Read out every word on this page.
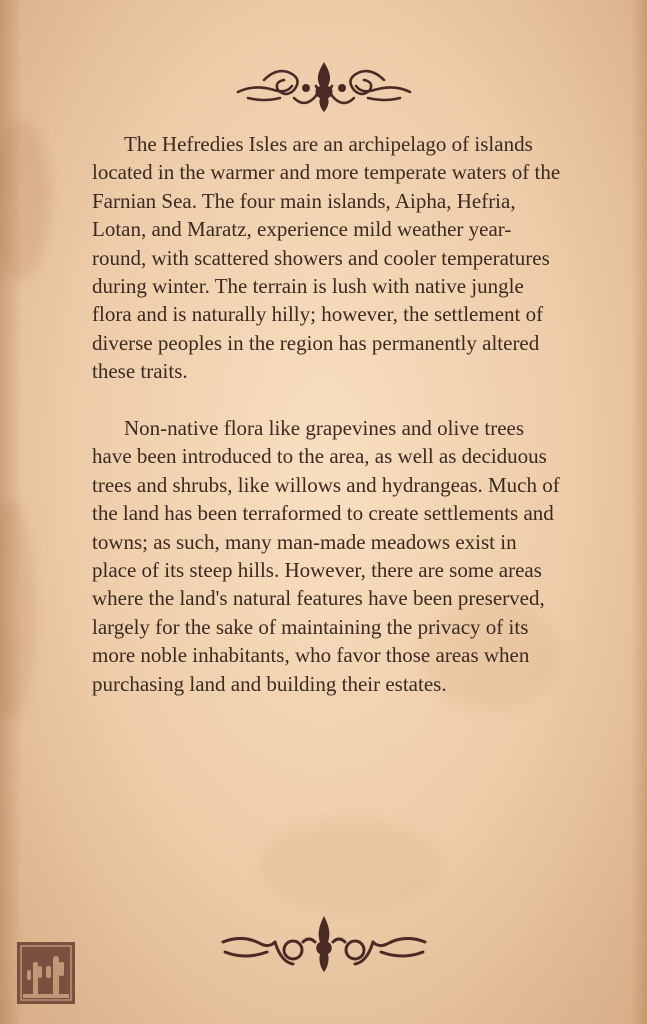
The Hefredies Isles are an archipelago of islands located in the warmer and more temperate waters of the Farnian Sea. The four main islands, Aipha, Hefria, Lotan, and Maratz, experience mild weather year-round, with scattered showers and cooler temperatures during winter. The terrain is lush with native jungle flora and is naturally hilly; however, the settlement of diverse peoples in the region has permanently altered these traits.

Non-native flora like grapevines and olive trees have been introduced to the area, as well as deciduous trees and shrubs, like willows and hydrangeas. Much of the land has been terraformed to create settlements and towns; as such, many man-made meadows exist in place of its steep hills. However, there are some areas where the land's natural features have been preserved, largely for the sake of maintaining the privacy of its more noble inhabitants, who favor those areas when purchasing land and building their estates.
